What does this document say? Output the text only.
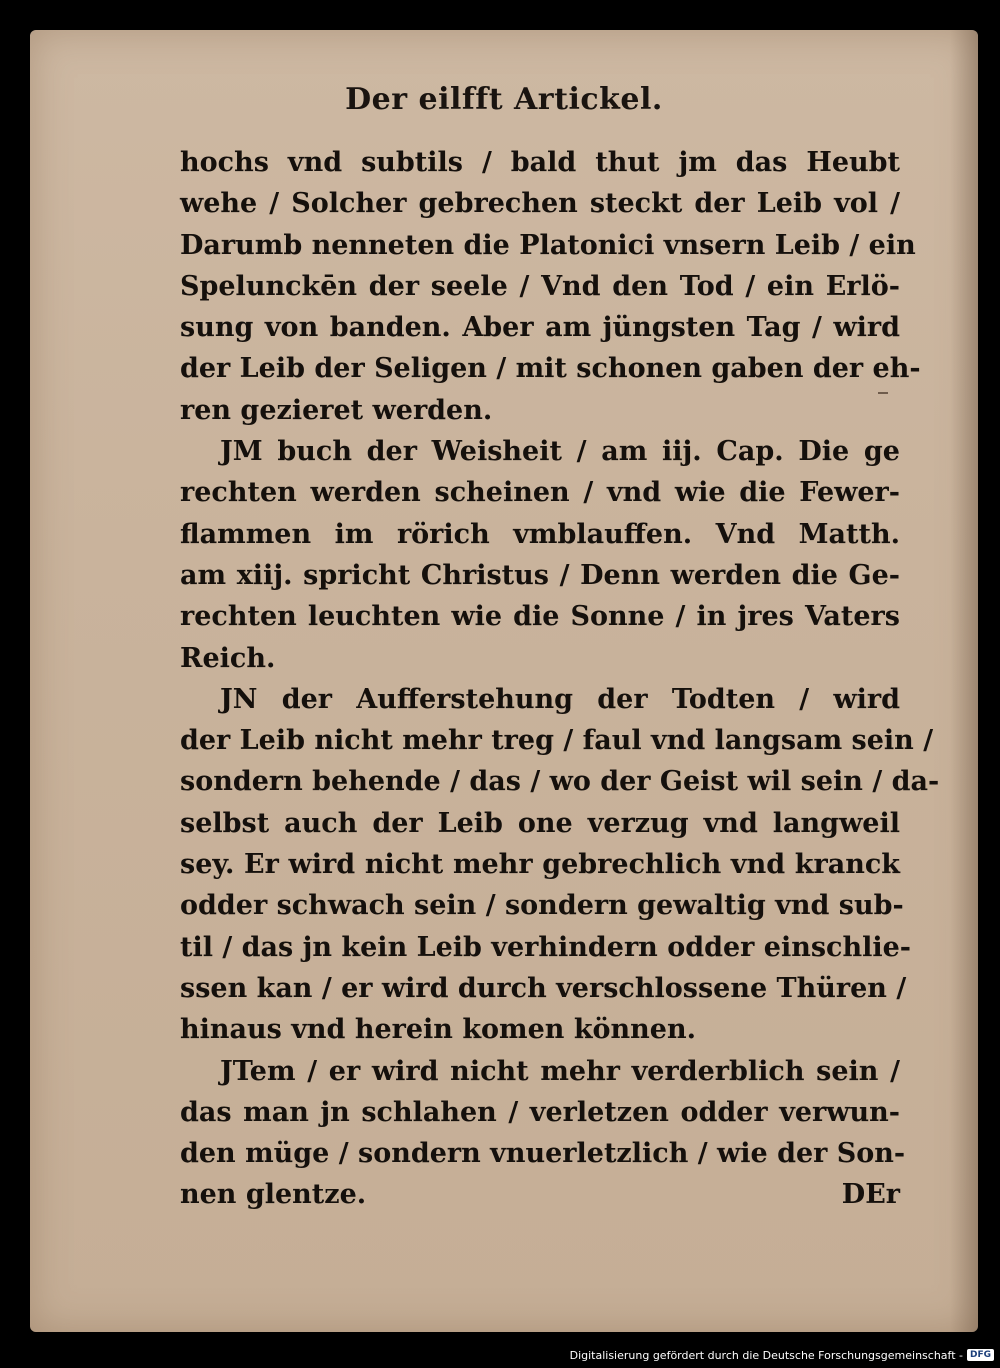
Der eilfft Artickel.
hochs vnd subtils / bald thut jm das Heubt
wehe / Solcher gebrechen steckt der Leib vol /
Darumb nenneten die Platonici vnsern Leib / ein
Spelunckēn der seele / Vnd den Tod / ein Erlö-
sung von banden. Aber am jüngsten Tag / wird
der Leib der Seligen / mit schonen gaben der eh-
ren gezieret werden.
JM buch der Weisheit / am iij. Cap. Die ge
rechten werden scheinen / vnd wie die Fewer-
flammen im rörich vmblauffen. Vnd Matth.
am xiij. spricht Christus / Denn werden die Ge-
rechten leuchten wie die Sonne / in jres Vaters
Reich.
JN der Aufferstehung der Todten / wird
der Leib nicht mehr treg / faul vnd langsam sein /
sondern behende / das / wo der Geist wil sein / da-
selbst auch der Leib one verzug vnd langweil
sey. Er wird nicht mehr gebrechlich vnd kranck
odder schwach sein / sondern gewaltig vnd sub-
til / das jn kein Leib verhindern odder einschlie-
ssen kan / er wird durch verschlossene Thüren /
hinaus vnd herein komen können.
JTem / er wird nicht mehr verderblich sein /
das man jn schlahen / verletzen odder verwun-
den müge / sondern vnuerletzlich / wie der Son-
nen glentze.	DEr
Digitalisierung gefördert durch die Deutsche Forschungsgemeinschaft - DFG
